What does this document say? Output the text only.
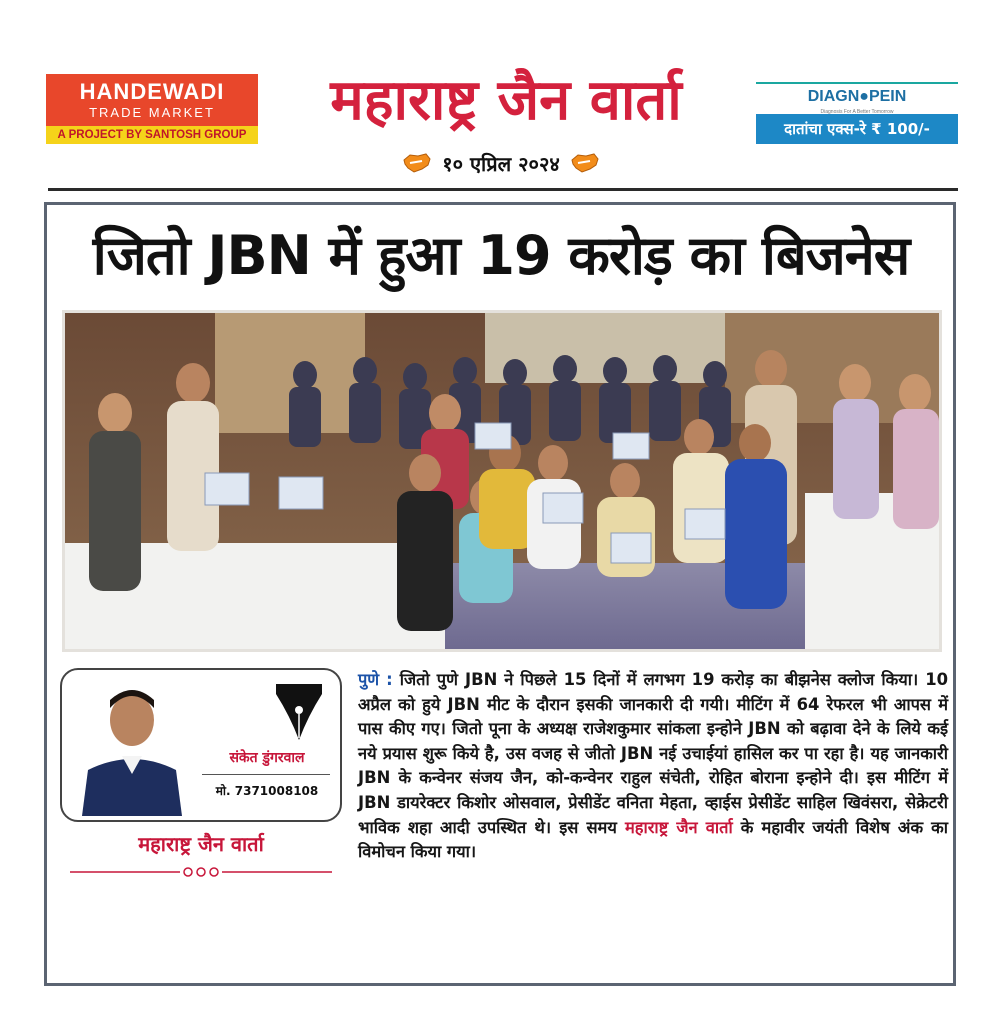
HANDEWADI
TRADE MARKET
A PROJECT BY SANTOSH GROUP
महाराष्ट्र जैन वार्ता
१० एप्रिल २०२४
DIAGN●PEIN
Diagnosis For A Better Tomorrow
दातांचा एक्स-रे ₹ 100/-
जितो JBN में हुआ 19 करोड़ का बिजनेस
पुणे : जितो पुणे JBN ने पिछले 15 दिनों में लगभग 19 करोड़ का बीझनेस क्लोज किया। 10 अप्रैल को हुये JBN मीट के दौरान इसकी जानकारी दी गयी। मीटिंग में 64 रेफरल भी आपस में पास कीए गए। जितो पूना के अध्यक्ष राजेशकुमार सांकला इन्होने JBN को बढ़ावा देने के लिये कई नये प्रयास शुरू किये है, उस वजह से जीतो JBN नई उचाईयां हासिल कर पा रहा है। यह जानकारी JBN के कन्वेनर संजय जैन, को-कन्वेनर राहुल संचेती, रोहित बोराना इन्होने दी। इस मीटिंग में JBN डायरेक्टर किशोर ओसवाल, प्रेसीडेंट वनिता मेहता, व्हाईस प्रेसीडेंट साहिल खिवंसरा, सेक्रेटरी भाविक शहा आदी उपस्थित थे। इस समय महाराष्ट्र जैन वार्ता के महावीर जयंती विशेष अंक का विमोचन किया गया।
संकेत डुंगरवाल
मो. 7371008108
महाराष्ट्र जैन वार्ता
